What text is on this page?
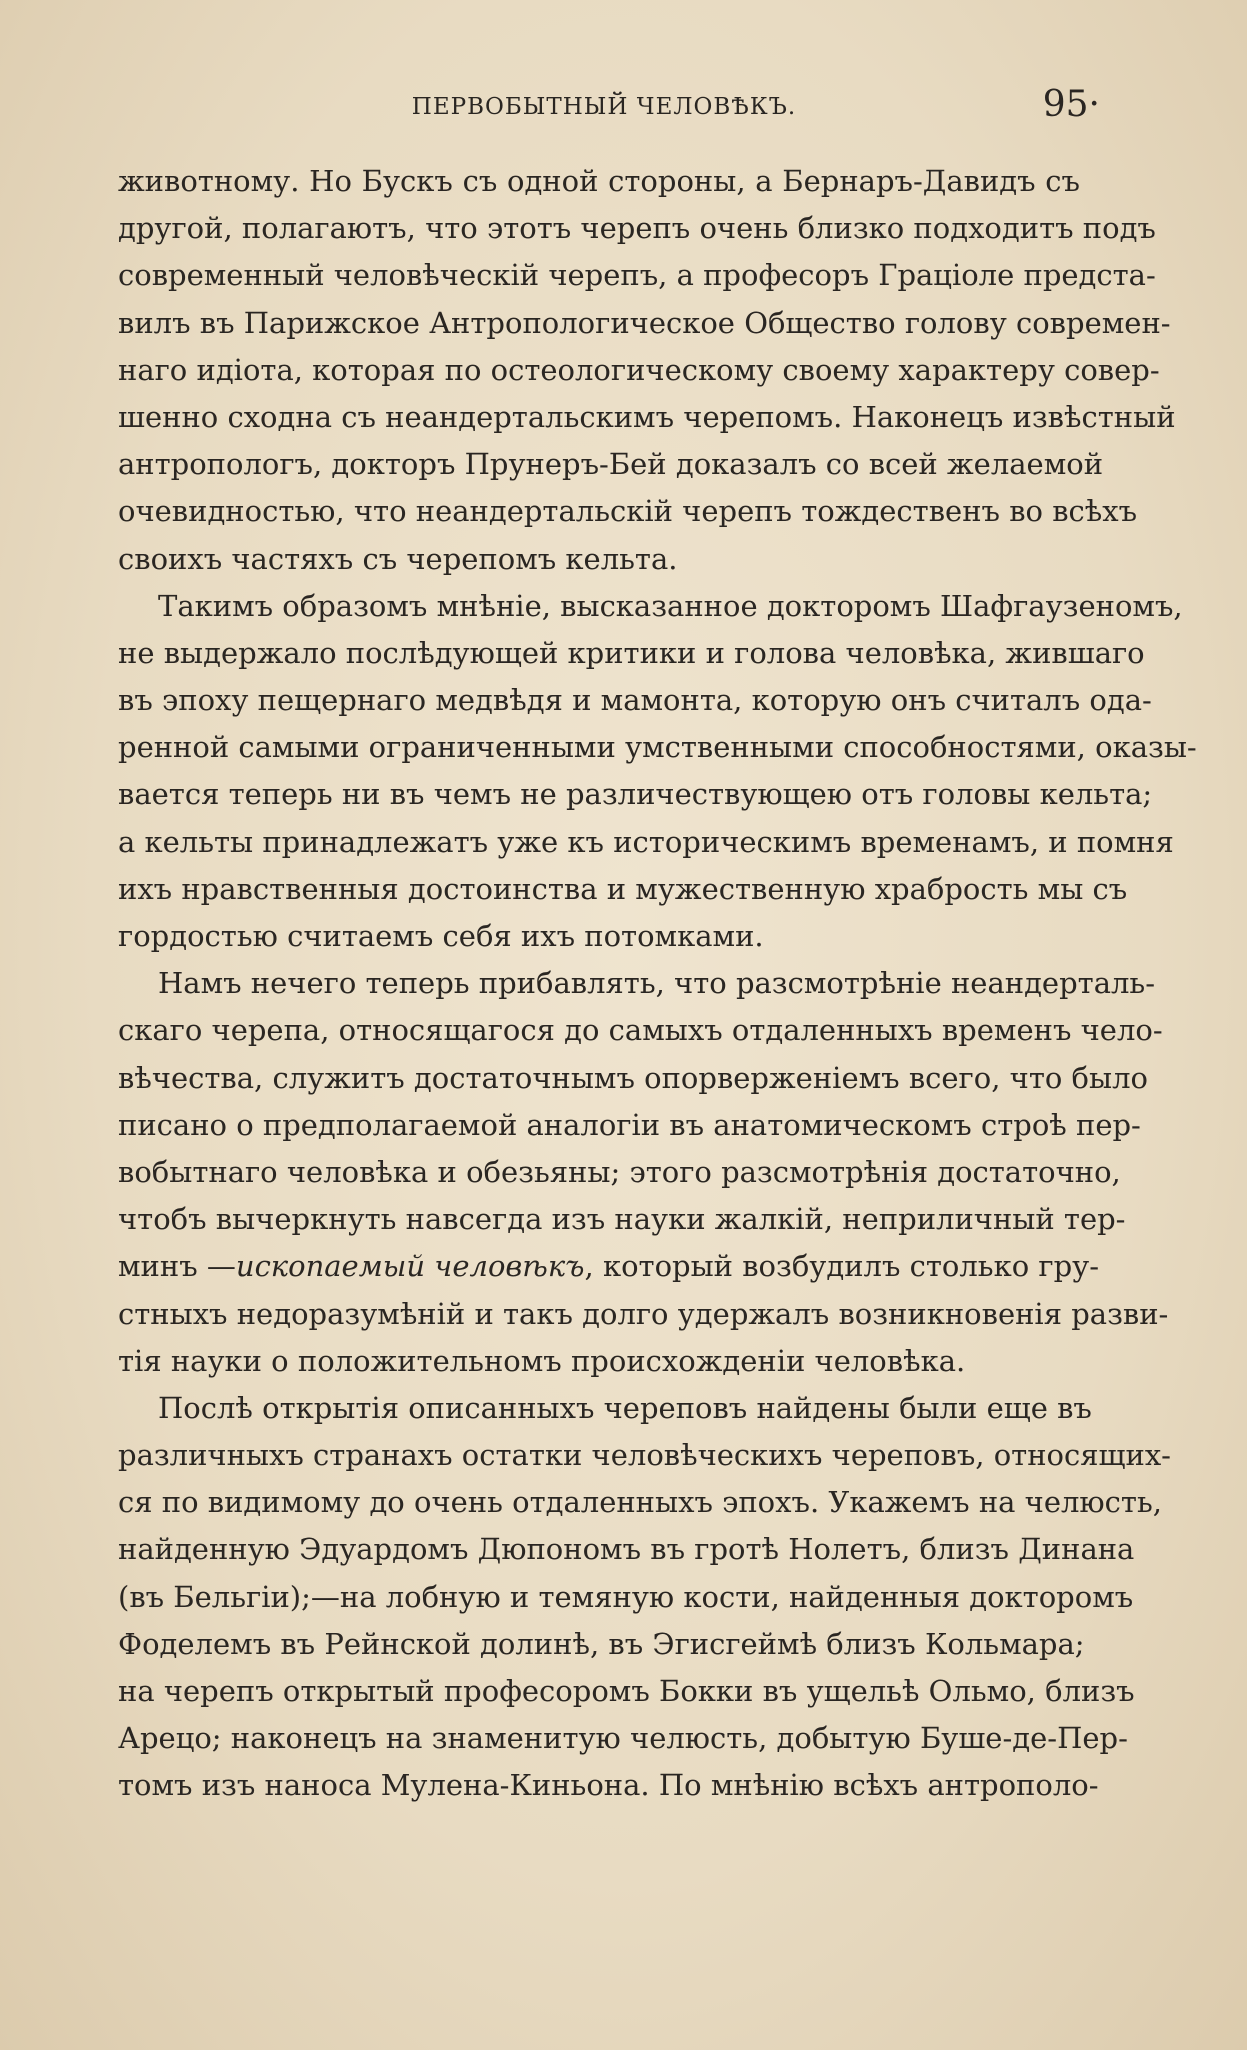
ПЕРВОБЫТНЫЙ ЧЕЛОВѢКЪ.	95·
животному. Но Бускъ съ одной стороны, а Бернаръ-Давидъ съ
другой, полагаютъ, что этотъ черепъ очень близко подходитъ подъ
современный человѣческій черепъ, а професоръ Граціоле предста-
вилъ въ Парижское Антропологическое Общество голову современ-
наго идіота, которая по остеологическому своему характеру совер-
шенно сходна съ неандертальскимъ черепомъ. Наконецъ извѣстный
антропологъ, докторъ Прунеръ-Бей доказалъ со всей желаемой
очевидностью, что неандертальскій черепъ тождественъ во всѣхъ
своихъ частяхъ съ черепомъ кельта.
Такимъ образомъ мнѣніе, высказанное докторомъ Шафгаузеномъ,
не выдержало послѣдующей критики и голова человѣка, жившаго
въ эпоху пещернаго медвѣдя и мамонта, которую онъ считалъ ода-
ренной самыми ограниченными умственными способностями, оказы-
вается теперь ни въ чемъ не различествующею отъ головы кельта;
а кельты принадлежатъ уже къ историческимъ временамъ, и помня
ихъ нравственныя достоинства и мужественную храбрость мы съ
гордостью считаемъ себя ихъ потомками.
Намъ нечего теперь прибавлять, что разсмотрѣніе неандерталь-
скаго черепа, относящагося до самыхъ отдаленныхъ временъ чело-
вѣчества, служитъ достаточнымъ опорверженіемъ всего, что было
писано о предполагаемой аналогіи въ анатомическомъ строѣ пер-
вобытнаго человѣка и обезьяны; этого разсмотрѣнія достаточно,
чтобъ вычеркнуть навсегда изъ науки жалкій, неприличный тер-
минъ —ископаемый человѣкъ, который возбудилъ столько гру-
стныхъ недоразумѣній и такъ долго удержалъ возникновенія разви-
тія науки о положительномъ происхожденіи человѣка.
Послѣ открытія описанныхъ череповъ найдены были еще въ
различныхъ странахъ остатки человѣческихъ череповъ, относящих-
ся по видимому до очень отдаленныхъ эпохъ. Укажемъ на челюсть,
найденную Эдуардомъ Дюпономъ въ гротѣ Нолетъ, близъ Динана
(въ Бельгіи);—на лобную и темяную кости, найденныя докторомъ
Фоделемъ въ Рейнской долинѣ, въ Эгисгеймѣ близъ Кольмара;
на черепъ открытый професоромъ Бокки въ ущельѣ Ольмо, близъ
Арецо; наконецъ на знаменитую челюсть, добытую Буше-де-Пер-
томъ изъ наноса Мулена-Киньона. По мнѣнію всѣхъ антрополо-
